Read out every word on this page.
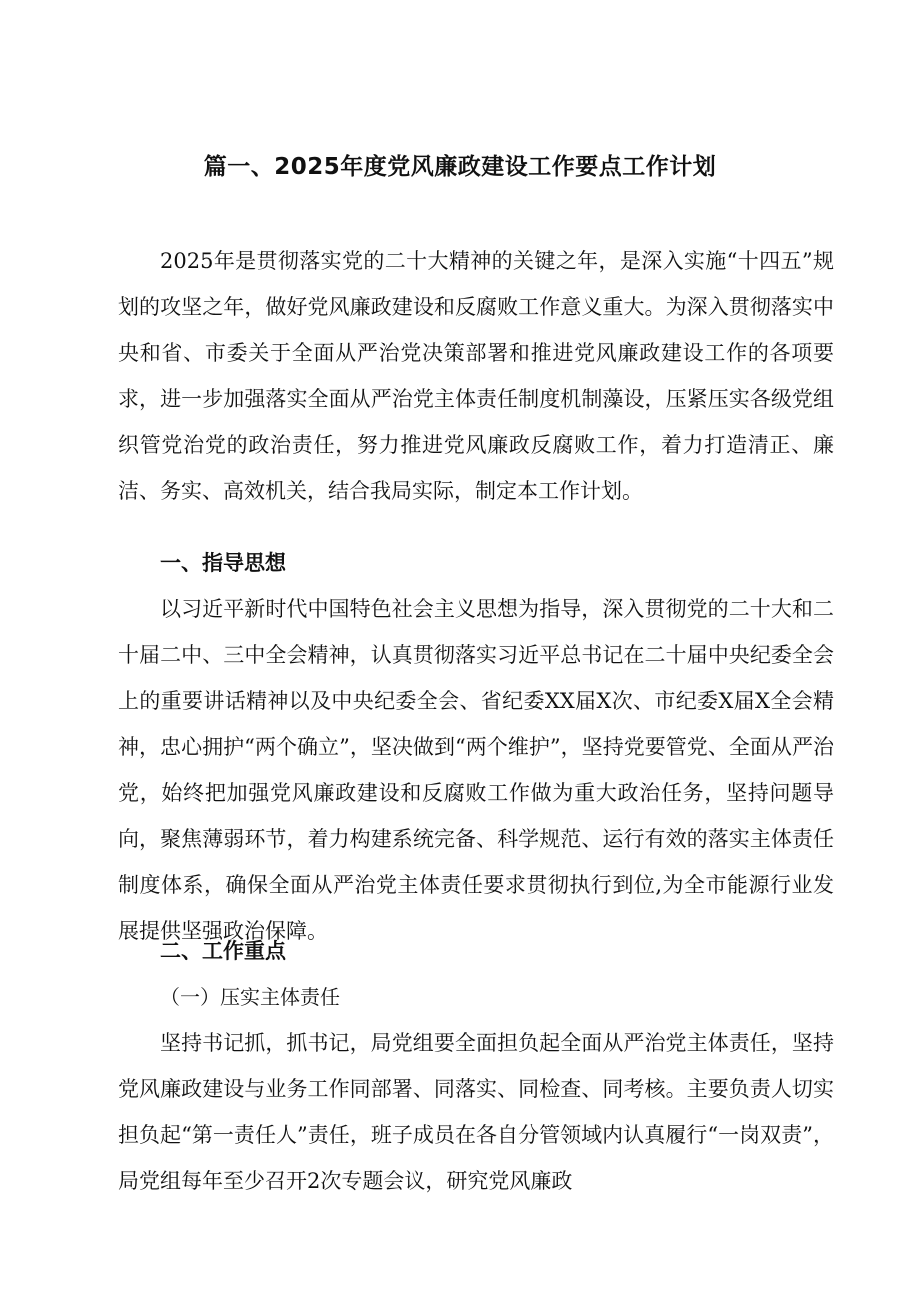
篇一、2025年度党风廉政建设工作要点工作计划

2025年是贯彻落实党的二十大精神的关键之年，是深入实施“十四五”规划的攻坚之年，做好党风廉政建设和反腐败工作意义重大。为深入贯彻落实中央和省、市委关于全面从严治党决策部署和推进党风廉政建设工作的各项要求，进一步加强落实全面从严治党主体责任制度机制藻设，压紧压实各级党组织管党治党的政治责任，努力推进党风廉政反腐败工作，着力打造清正、廉洁、务实、高效机关，结合我局实际，制定本工作计划。

一、指导思想

以习近平新时代中国特色社会主义思想为指导，深入贯彻党的二十大和二十届二中、三中全会精神，认真贯彻落实习近平总书记在二十届中央纪委全会上的重要讲话精神以及中央纪委全会、省纪委XX届X次、市纪委X届X全会精神，忠心拥护“两个确立”，坚决做到“两个维护”，坚持党要管党、全面从严治党，始终把加强党风廉政建设和反腐败工作做为重大政治任务，坚持问题导向，聚焦薄弱环节，着力构建系统完备、科学规范、运行有效的落实主体责任制度体系，确保全面从严治党主体责任要求贯彻执行到位,为全市能源行业发展提供坚强政治保障。

二、工作重点

（一）压实主体责任

坚持书记抓，抓书记，局党组要全面担负起全面从严治党主体责任，坚持党风廉政建设与业务工作同部署、同落实、同检查、同考核。主要负责人切实担负起“第一责任人”责任，班子成员在各自分管领域内认真履行“一岗双责”，局党组每年至少召开2次专题会议，研究党风廉政
